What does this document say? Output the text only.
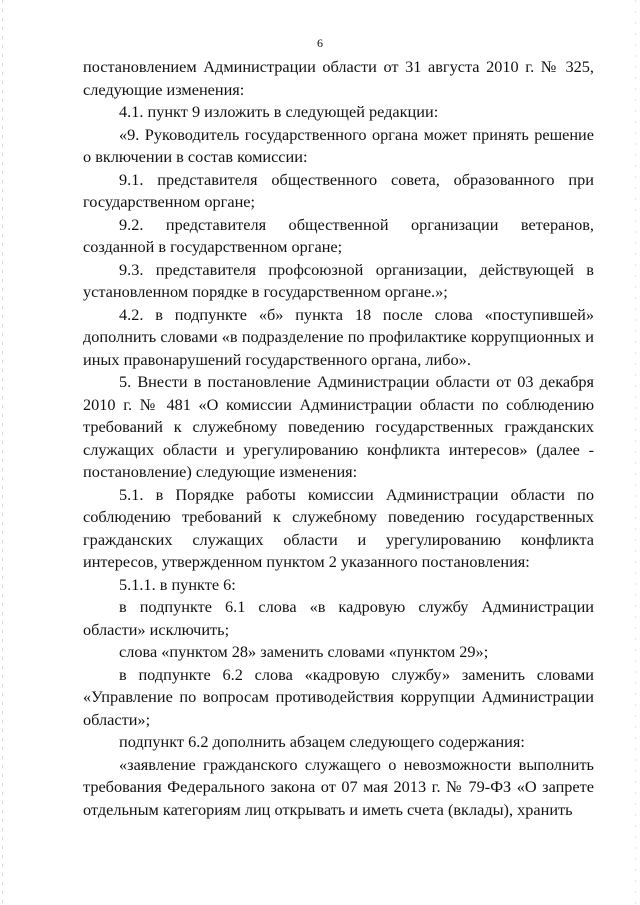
6

постановлением Администрации области от 31 августа 2010 г. № 325, следующие изменения:

4.1. пункт 9 изложить в следующей редакции:

«9. Руководитель государственного органа может принять решение о включении в состав комиссии:

9.1. представителя общественного совета, образованного при государственном органе;

9.2. представителя общественной организации ветеранов, созданной в государственном органе;

9.3. представителя профсоюзной организации, действующей в установленном порядке в государственном органе.»;

4.2. в подпункте «б» пункта 18 после слова «поступившей» дополнить словами «в подразделение по профилактике коррупционных и иных правонарушений государственного органа, либо».

5. Внести в постановление Администрации области от 03 декабря 2010 г. № 481 «О комиссии Администрации области по соблюдению требований к служебному поведению государственных гражданских служащих области и урегулированию конфликта интересов» (далее - постановление) следующие изменения:

5.1. в Порядке работы комиссии Администрации области по соблюдению требований к служебному поведению государственных гражданских служащих области и урегулированию конфликта интересов, утвержденном пунктом 2 указанного постановления:

5.1.1. в пункте 6:

в подпункте 6.1 слова «в кадровую службу Администрации области» исключить;

слова «пунктом 28» заменить словами «пунктом 29»;

в подпункте 6.2 слова «кадровую службу» заменить словами «Управление по вопросам противодействия коррупции Администрации области»;

подпункт 6.2 дополнить абзацем следующего содержания:

«заявление гражданского служащего о невозможности выполнить требования Федерального закона от 07 мая 2013 г. № 79-ФЗ «О запрете отдельным категориям лиц открывать и иметь счета (вклады), хранить
